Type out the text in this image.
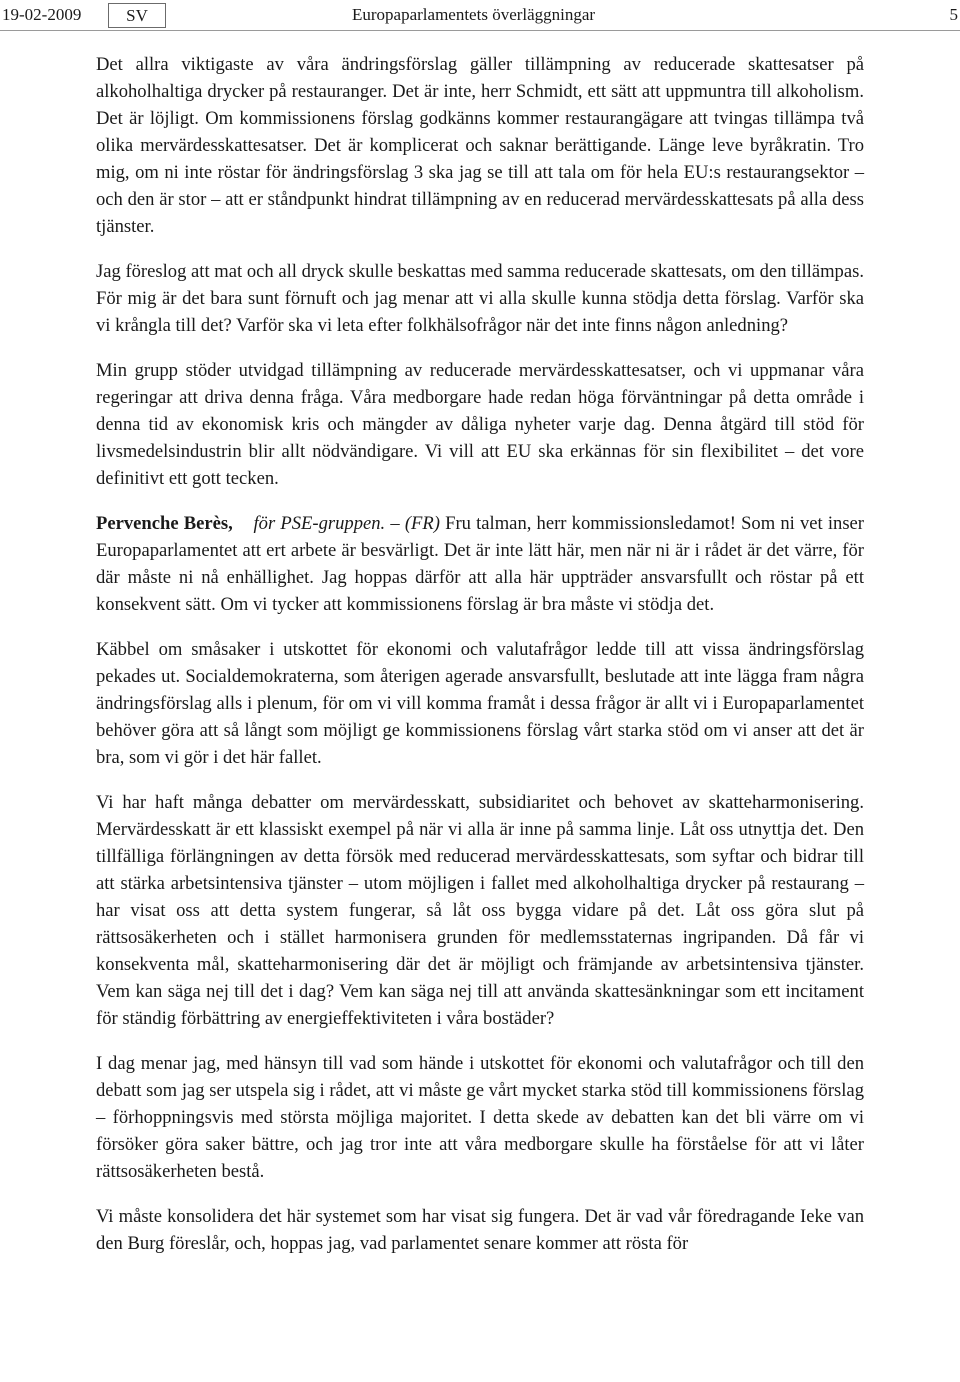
19-02-2009	SV	Europaparlamentets överläggningar	5

Det allra viktigaste av våra ändringsförslag gäller tillämpning av reducerade skattesatser på alkoholhaltiga drycker på restauranger. Det är inte, herr Schmidt, ett sätt att uppmuntra till alkoholism. Det är löjligt. Om kommissionens förslag godkänns kommer restaurangägare att tvingas tillämpa två olika mervärdesskattesatser. Det är komplicerat och saknar berättigande. Länge leve byråkratin. Tro mig, om ni inte röstar för ändringsförslag 3 ska jag se till att tala om för hela EU:s restaurangsektor – och den är stor – att er ståndpunkt hindrat tillämpning av en reducerad mervärdesskattesats på alla dess tjänster.

Jag föreslog att mat och all dryck skulle beskattas med samma reducerade skattesats, om den tillämpas. För mig är det bara sunt förnuft och jag menar att vi alla skulle kunna stödja detta förslag. Varför ska vi krångla till det? Varför ska vi leta efter folkhälsofrågor när det inte finns någon anledning?

Min grupp stöder utvidgad tillämpning av reducerade mervärdesskattesatser, och vi uppmanar våra regeringar att driva denna fråga. Våra medborgare hade redan höga förväntningar på detta område i denna tid av ekonomisk kris och mängder av dåliga nyheter varje dag. Denna åtgärd till stöd för livsmedelsindustrin blir allt nödvändigare. Vi vill att EU ska erkännas för sin flexibilitet – det vore definitivt ett gott tecken.

Pervenche Berès, för PSE-gruppen. – (FR) Fru talman, herr kommissionsledamot! Som ni vet inser Europaparlamentet att ert arbete är besvärligt. Det är inte lätt här, men när ni är i rådet är det värre, för där måste ni nå enhällighet. Jag hoppas därför att alla här uppträder ansvarsfullt och röstar på ett konsekvent sätt. Om vi tycker att kommissionens förslag är bra måste vi stödja det.

Käbbel om småsaker i utskottet för ekonomi och valutafrågor ledde till att vissa ändringsförslag pekades ut. Socialdemokraterna, som återigen agerade ansvarsfullt, beslutade att inte lägga fram några ändringsförslag alls i plenum, för om vi vill komma framåt i dessa frågor är allt vi i Europaparlamentet behöver göra att så långt som möjligt ge kommissionens förslag vårt starka stöd om vi anser att det är bra, som vi gör i det här fallet.

Vi har haft många debatter om mervärdesskatt, subsidiaritet och behovet av skatteharmonisering. Mervärdesskatt är ett klassiskt exempel på när vi alla är inne på samma linje. Låt oss utnyttja det. Den tillfälliga förlängningen av detta försök med reducerad mervärdesskattesats, som syftar och bidrar till att stärka arbetsintensiva tjänster – utom möjligen i fallet med alkoholhaltiga drycker på restaurang – har visat oss att detta system fungerar, så låt oss bygga vidare på det. Låt oss göra slut på rättsosäkerheten och i stället harmonisera grunden för medlemsstaternas ingripanden. Då får vi konsekventa mål, skatteharmonisering där det är möjligt och främjande av arbetsintensiva tjänster. Vem kan säga nej till det i dag? Vem kan säga nej till att använda skattesänkningar som ett incitament för ständig förbättring av energieffektiviteten i våra bostäder?

I dag menar jag, med hänsyn till vad som hände i utskottet för ekonomi och valutafrågor och till den debatt som jag ser utspela sig i rådet, att vi måste ge vårt mycket starka stöd till kommissionens förslag – förhoppningsvis med största möjliga majoritet. I detta skede av debatten kan det bli värre om vi försöker göra saker bättre, och jag tror inte att våra medborgare skulle ha förståelse för att vi låter rättsosäkerheten bestå.

Vi måste konsolidera det här systemet som har visat sig fungera. Det är vad vår föredragande Ieke van den Burg föreslår, och, hoppas jag, vad parlamentet senare kommer att rösta för
